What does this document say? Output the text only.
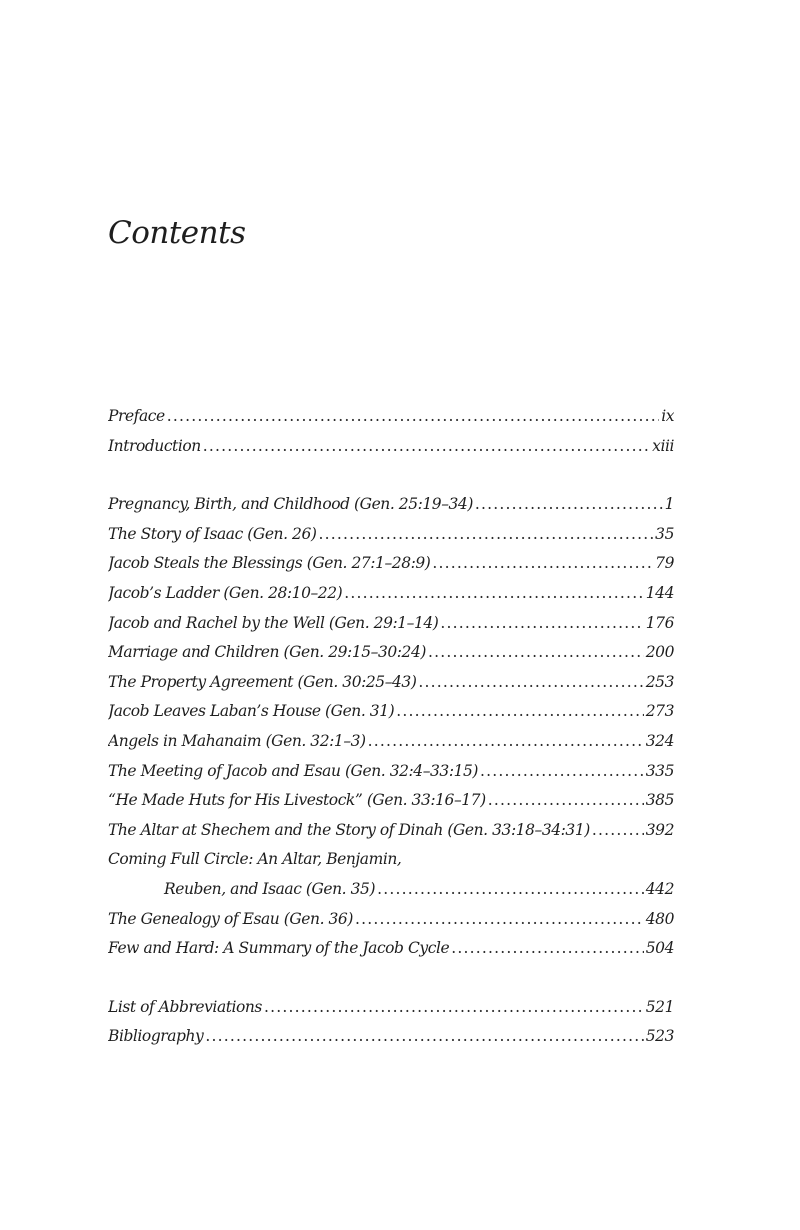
Contents
Preface .....	ix
Introduction .....	xiii
Pregnancy, Birth, and Childhood (Gen. 25:19–34) .....	1
The Story of Isaac (Gen. 26) .....	35
Jacob Steals the Blessings (Gen. 27:1–28:9) .....	79
Jacob’s Ladder (Gen. 28:10–22) .....	144
Jacob and Rachel by the Well (Gen. 29:1–14) .....	176
Marriage and Children (Gen. 29:15–30:24) .....	200
The Property Agreement (Gen. 30:25–43) .....	253
Jacob Leaves Laban’s House (Gen. 31) .....	273
Angels in Mahanaim (Gen. 32:1–3) .....	324
The Meeting of Jacob and Esau (Gen. 32:4–33:15) .....	335
“He Made Huts for His Livestock” (Gen. 33:16–17) .....	385
The Altar at Shechem and the Story of Dinah (Gen. 33:18–34:31) .....	392
Coming Full Circle: An Altar, Benjamin,
Reuben, and Isaac (Gen. 35) .....	442
The Genealogy of Esau (Gen. 36) .....	480
Few and Hard: A Summary of the Jacob Cycle .....	504
List of Abbreviations .....	521
Bibliography .....	523
